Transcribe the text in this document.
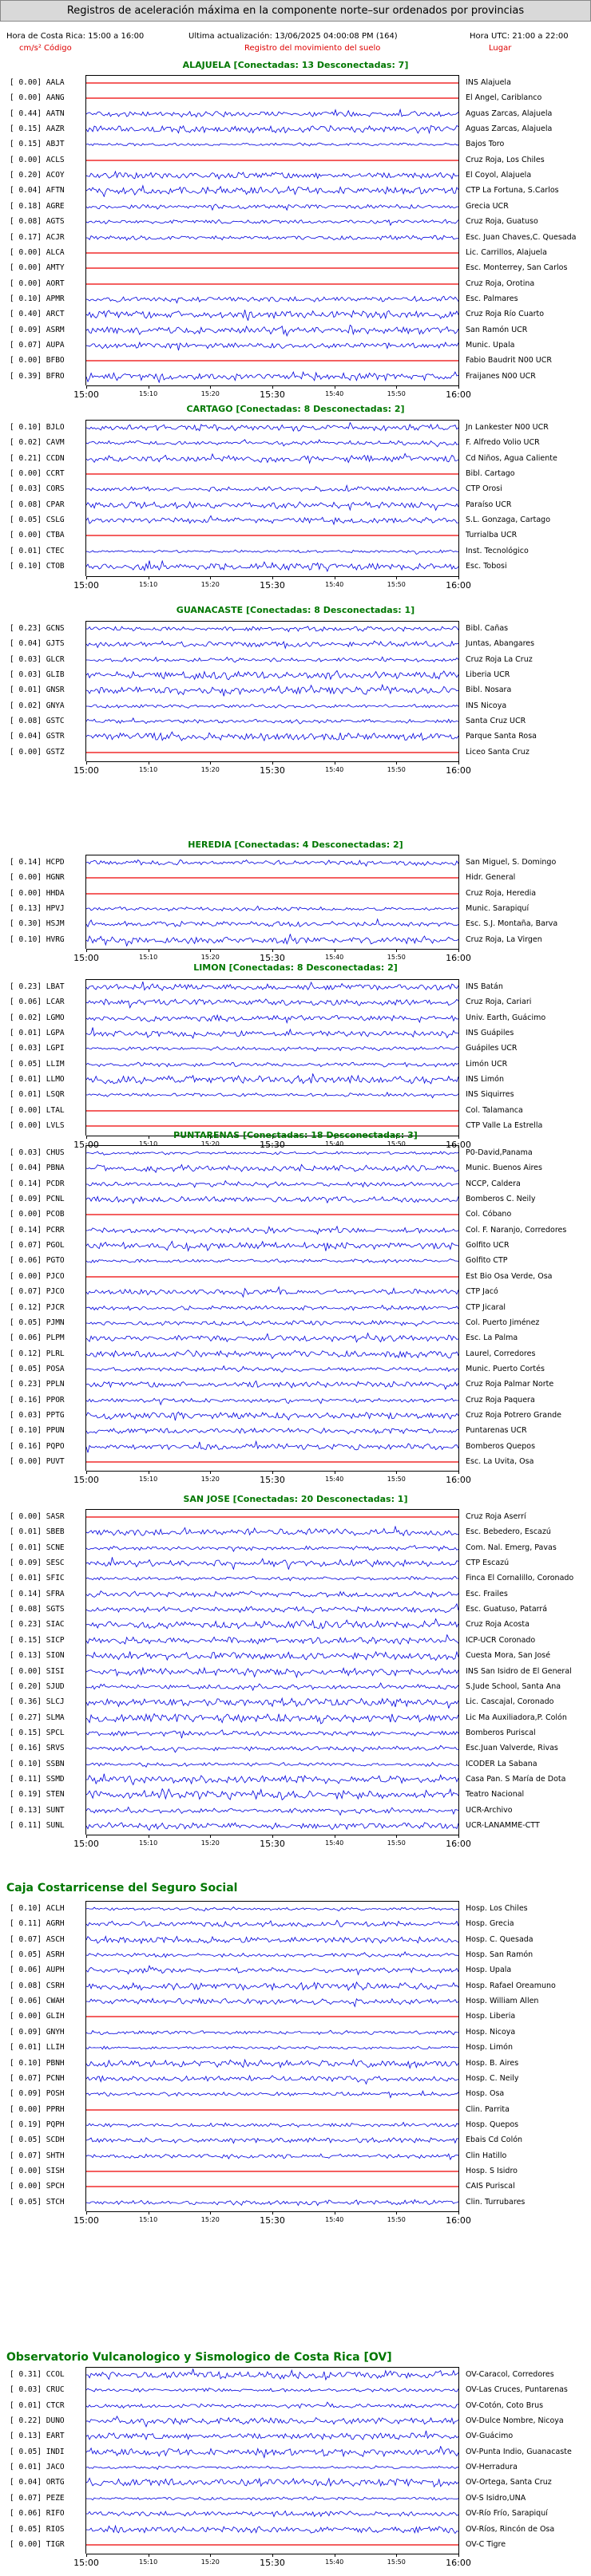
Registros de aceleración máxima en la componente norte–sur ordenados por provincias
Hora de Costa Rica: 15:00 a 16:00	Ultima actualización: 13/06/2025 04:00:08 PM (164)	Hora UTC: 21:00 a 22:00
cm/s² Código	Registro del movimiento del suelo	Lugar
ALAJUELA [Conectadas: 13 Desconectadas: 7]
[ 0.00] AALA	INS Alajuela
[ 0.00] AANG	El Angel, Cariblanco
[ 0.44] AATN	Aguas Zarcas, Alajuela
[ 0.15] AAZR	Aguas Zarcas, Alajuela
[ 0.15] ABJT	Bajos Toro
[ 0.00] ACLS	Cruz Roja, Los Chiles
[ 0.20] ACOY	El Coyol, Alajuela
[ 0.04] AFTN	CTP La Fortuna, S.Carlos
[ 0.18] AGRE	Grecia UCR
[ 0.08] AGTS	Cruz Roja, Guatuso
[ 0.17] ACJR	Esc. Juan Chaves,C. Quesada
[ 0.00] ALCA	Lic. Carrillos, Alajuela
[ 0.00] AMTY	Esc. Monterrey, San Carlos
[ 0.00] AORT	Cruz Roja, Orotina
[ 0.10] APMR	Esc. Palmares
[ 0.40] ARCT	Cruz Roja Río Cuarto
[ 0.09] ASRM	San Ramón UCR
[ 0.07] AUPA	Munic. Upala
[ 0.00] BFBO	Fabio Baudrit N00 UCR
[ 0.39] BFRO	Fraijanes N00 UCR
15:00	15:10	15:20	15:30	15:40	15:50	16:00
CARTAGO [Conectadas: 8 Desconectadas: 2]
[ 0.10] BJLO	Jn Lankester N00 UCR
[ 0.02] CAVM	F. Alfredo Volio UCR
[ 0.21] CCDN	Cd Niños, Agua Caliente
[ 0.00] CCRT	Bibl. Cartago
[ 0.03] CORS	CTP Orosi
[ 0.08] CPAR	Paraíso UCR
[ 0.05] CSLG	S.L. Gonzaga, Cartago
[ 0.00] CTBA	Turrialba UCR
[ 0.01] CTEC	Inst. Tecnológico
[ 0.10] CTOB	Esc. Tobosi
15:00	15:10	15:20	15:30	15:40	15:50	16:00
GUANACASTE [Conectadas: 8 Desconectadas: 1]
[ 0.23] GCNS	Bibl. Cañas
[ 0.04] GJTS	Juntas, Abangares
[ 0.03] GLCR	Cruz Roja La Cruz
[ 0.03] GLIB	Liberia UCR
[ 0.01] GNSR	Bibl. Nosara
[ 0.02] GNYA	INS Nicoya
[ 0.08] GSTC	Santa Cruz UCR
[ 0.04] GSTR	Parque Santa Rosa
[ 0.00] GSTZ	Liceo Santa Cruz
15:00	15:10	15:20	15:30	15:40	15:50	16:00
HEREDIA [Conectadas: 4 Desconectadas: 2]
[ 0.14] HCPD	San Miguel, S. Domingo
[ 0.00] HGNR	Hidr. General
[ 0.00] HHDA	Cruz Roja, Heredia
[ 0.13] HPVJ	Munic. Sarapiquí
[ 0.30] HSJM	Esc. S.J. Montaña, Barva
[ 0.10] HVRG	Cruz Roja, La Virgen
15:00	15:10	15:20	15:30	15:40	15:50	16:00
LIMON [Conectadas: 8 Desconectadas: 2]
[ 0.23] LBAT	INS Batán
[ 0.06] LCAR	Cruz Roja, Cariari
[ 0.02] LGMO	Univ. Earth, Guácimo
[ 0.01] LGPA	INS Guápiles
[ 0.03] LGPI	Guápiles UCR
[ 0.05] LLIM	Limón UCR
[ 0.01] LLMO	INS Limón
[ 0.01] LSQR	INS Siquirres
[ 0.00] LTAL	Col. Talamanca
[ 0.00] LVLS	CTP Valle La Estrella
15:00	15:10	15:20	15:30	15:40	15:50	16:00
PUNTARENAS [Conectadas: 18 Desconectadas: 3]
[ 0.03] CHUS	P0-David,Panama
[ 0.04] PBNA	Munic. Buenos Aires
[ 0.14] PCDR	NCCP, Caldera
[ 0.09] PCNL	Bomberos C. Neily
[ 0.00] PCOB	Col. Cóbano
[ 0.14] PCRR	Col. F. Naranjo, Corredores
[ 0.07] PGOL	Golfito UCR
[ 0.06] PGTO	Golfito CTP
[ 0.00] PJCO	Est Bio Osa Verde, Osa
[ 0.07] PJCO	CTP Jacó
[ 0.12] PJCR	CTP Jicaral
[ 0.05] PJMN	Col. Puerto Jiménez
[ 0.06] PLPM	Esc. La Palma
[ 0.12] PLRL	Laurel, Corredores
[ 0.05] POSA	Munic. Puerto Cortés
[ 0.23] PPLN	Cruz Roja Palmar Norte
[ 0.16] PPOR	Cruz Roja Paquera
[ 0.03] PPTG	Cruz Roja Potrero Grande
[ 0.10] PPUN	Puntarenas UCR
[ 0.16] PQPO	Bomberos Quepos
[ 0.00] PUVT	Esc. La Uvita, Osa
15:00	15:10	15:20	15:30	15:40	15:50	16:00
SAN JOSE [Conectadas: 20 Desconectadas: 1]
[ 0.00] SASR	Cruz Roja Aserrí
[ 0.01] SBEB	Esc. Bebedero, Escazú
[ 0.01] SCNE	Com. Nal. Emerg, Pavas
[ 0.09] SESC	CTP Escazú
[ 0.01] SFIC	Finca El Cornalillo, Coronado
[ 0.14] SFRA	Esc. Frailes
[ 0.08] SGTS	Esc. Guatuso, Patarrá
[ 0.23] SIAC	Cruz Roja Acosta
[ 0.15] SICP	ICP-UCR Coronado
[ 0.13] SION	Cuesta Mora, San José
[ 0.00] SISI	INS San Isidro de El General
[ 0.20] SJUD	S.Jude School, Santa Ana
[ 0.36] SLCJ	Lic. Cascajal, Coronado
[ 0.27] SLMA	Lic Ma Auxiliadora,P. Colón
[ 0.15] SPCL	Bomberos Puriscal
[ 0.16] SRVS	Esc.Juan Valverde, Rivas
[ 0.10] SSBN	ICODER La Sabana
[ 0.11] SSMD	Casa Pan. S María de Dota
[ 0.19] STEN	Teatro Nacional
[ 0.13] SUNT	UCR-Archivo
[ 0.11] SUNL	UCR-LANAMME-CTT
15:00	15:10	15:20	15:30	15:40	15:50	16:00
Caja Costarricense del Seguro Social
[ 0.10] ACLH	Hosp. Los Chiles
[ 0.11] AGRH	Hosp. Grecia
[ 0.07] ASCH	Hosp. C. Quesada
[ 0.05] ASRH	Hosp. San Ramón
[ 0.06] AUPH	Hosp. Upala
[ 0.08] CSRH	Hosp. Rafael Oreamuno
[ 0.06] CWAH	Hosp. William Allen
[ 0.00] GLIH	Hosp. Liberia
[ 0.09] GNYH	Hosp. Nicoya
[ 0.01] LLIH	Hosp. Limón
[ 0.10] PBNH	Hosp. B. Aires
[ 0.07] PCNH	Hosp. C. Neily
[ 0.09] POSH	Hosp. Osa
[ 0.00] PPRH	Clin. Parrita
[ 0.19] PQPH	Hosp. Quepos
[ 0.05] SCDH	Ebais Cd Colón
[ 0.07] SHTH	Clin Hatillo
[ 0.00] SISH	Hosp. S Isidro
[ 0.00] SPCH	CAIS Puriscal
[ 0.05] STCH	Clin. Turrubares
15:00	15:10	15:20	15:30	15:40	15:50	16:00
Observatorio Vulcanologico y Sismologico de Costa Rica [OV]
[ 0.31] CCOL	OV-Caracol, Corredores
[ 0.03] CRUC	OV-Las Cruces, Puntarenas
[ 0.01] CTCR	OV-Cotón, Coto Brus
[ 0.22] DUNO	OV-Dulce Nombre, Nicoya
[ 0.13] EART	OV-Guácimo
[ 0.05] INDI	OV-Punta Indio, Guanacaste
[ 0.01] JACO	OV-Herradura
[ 0.04] ORTG	OV-Ortega, Santa Cruz
[ 0.07] PEZE	OV-S Isidro,UNA
[ 0.06] RIFO	OV-Río Frío, Sarapiquí
[ 0.05] RIOS	OV-Ríos, Rincón de Osa
[ 0.00] TIGR	OV-C Tigre
15:00	15:10	15:20	15:30	15:40	15:50	16:00
